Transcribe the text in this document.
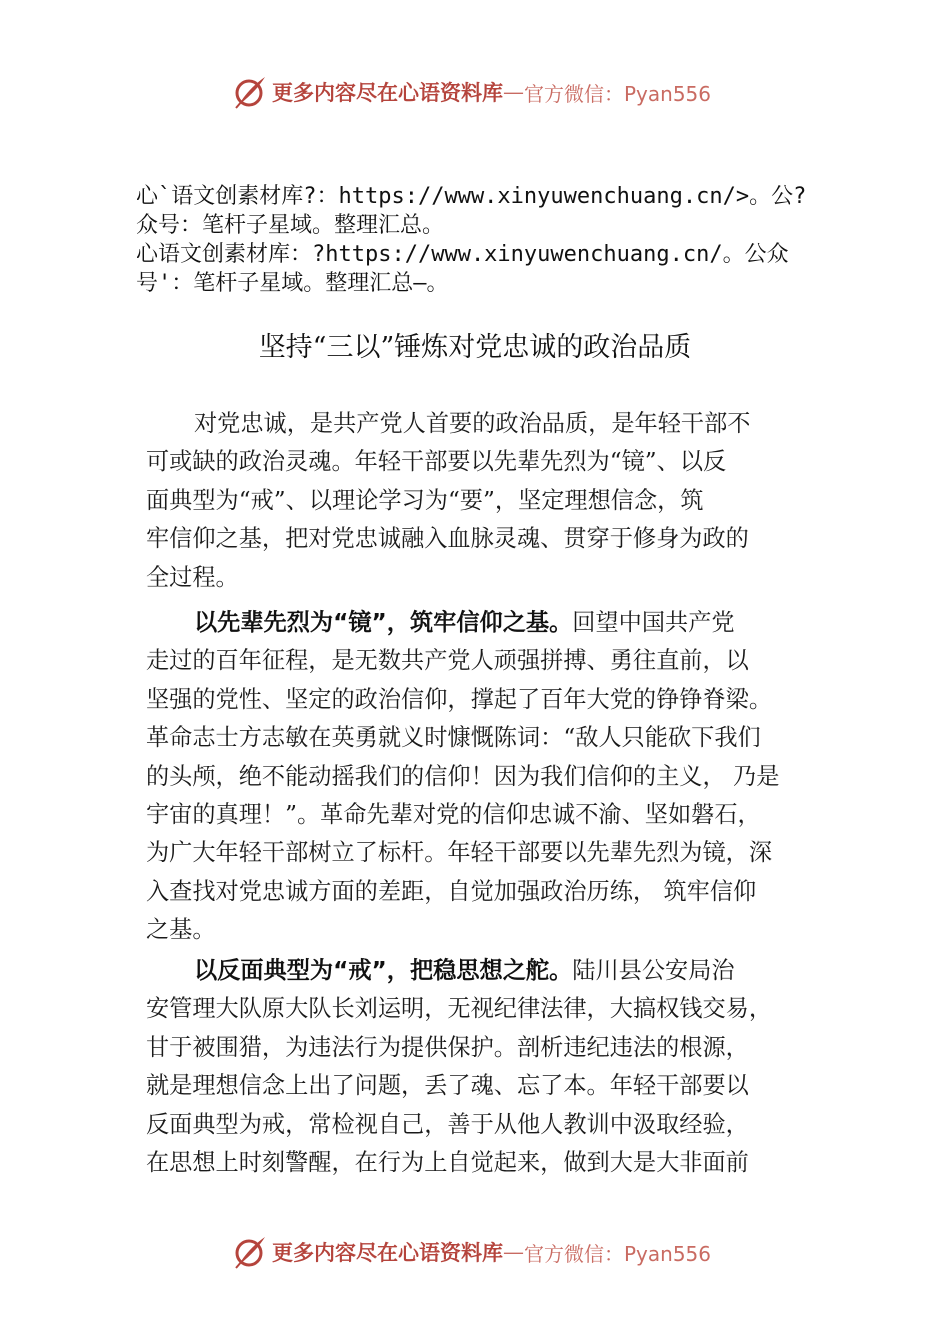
更多内容尽在心语资料库 — 官方微信：Pyan556

心`语文创素材库?：https://www.xinyuwenchuang.cn/>。公?

众号：笔杆子星域。整理汇总。

心语文创素材库：?https://www.xinyuwenchuang.cn/。公众

号'：笔杆子星域。整理汇总—。

坚持“三以”锤炼对党忠诚的政治品质
对党忠诚，是共产党人首要的政治品质，是年轻干部不
可或缺的政治灵魂。年轻干部要以先辈先烈为“镜”、以反
面典型为“戒”、以理论学习为“要”，坚定理想信念，筑
牢信仰之基，把对党忠诚融入血脉灵魂、贯穿于修身为政的
全过程。
以先辈先烈为“镜”，筑牢信仰之基。回望中国共产党
走过的百年征程，是无数共产党人顽强拼搏、勇往直前，以
坚强的党性、坚定的政治信仰，撑起了百年大党的铮铮脊梁。
革命志士方志敏在英勇就义时慷慨陈词：“敌人只能砍下我们
的头颅，绝不能动摇我们的信仰！因为我们信仰的主义， 乃是
宇宙的真理！”。革命先辈对党的信仰忠诚不渝、坚如磐石，
为广大年轻干部树立了标杆。年轻干部要以先辈先烈为镜，深
入查找对党忠诚方面的差距，自觉加强政治历练， 筑牢信仰
之基。
以反面典型为“戒”，把稳思想之舵。陆川县公安局治
安管理大队原大队长刘运明，无视纪律法律，大搞权钱交易，
甘于被围猎，为违法行为提供保护。剖析违纪违法的根源，
就是理想信念上出了问题，丢了魂、忘了本。年轻干部要以
反面典型为戒，常检视自己，善于从他人教训中汲取经验，
在思想上时刻警醒，在行为上自觉起来，做到大是大非面前
更多内容尽在心语资料库 — 官方微信：Pyan556
